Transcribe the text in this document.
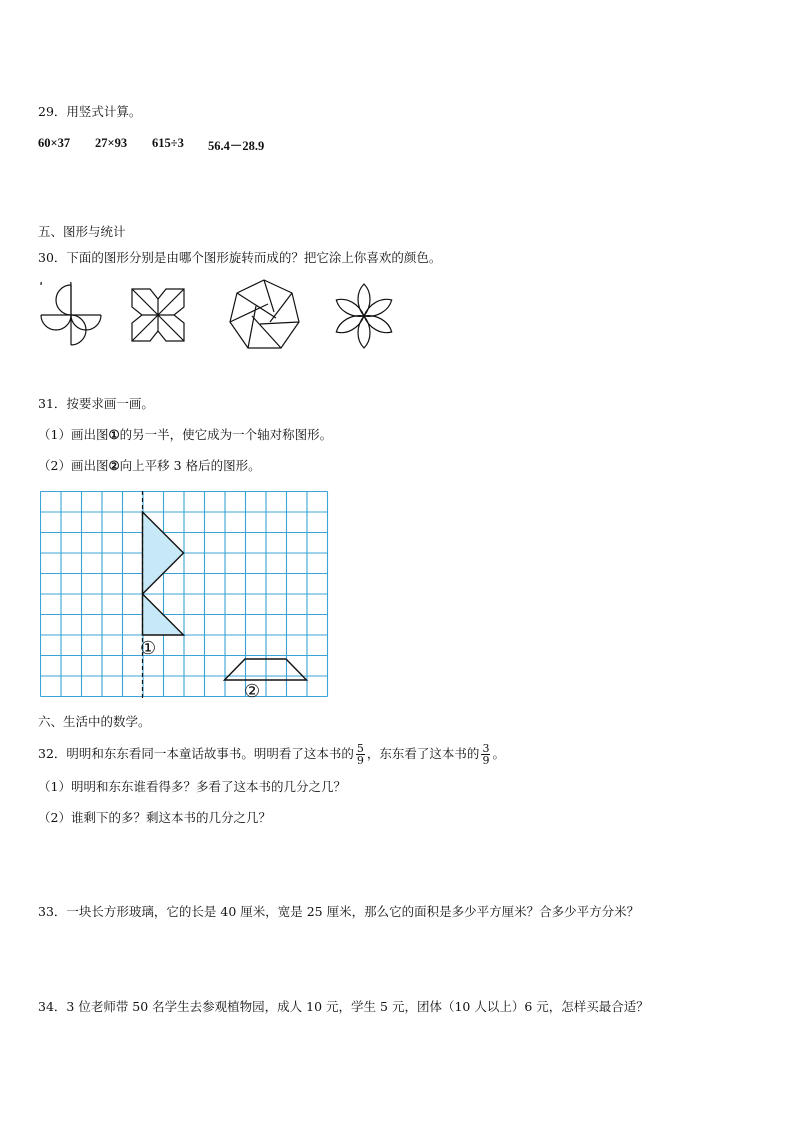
29．用竖式计算。
60×37 27×93 615÷3 56.4－28.9
五、图形与统计
30．下面的图形分别是由哪个图形旋转而成的？把它涂上你喜欢的颜色。
31．按要求画一画。
（1）画出图①的另一半，使它成为一个轴对称图形。
（2）画出图②向上平移 3 格后的图形。
①
②
六、生活中的数学。
32．明明和东东看同一本童话故事书。明明看了这本书的 $\frac{5}{9}$ ，东东看了这本书的 $\frac{3}{9}$ 。
（1）明明和东东谁看得多？多看了这本书的几分之几？
（2）谁剩下的多？剩这本书的几分之几？
33．一块长方形玻璃，它的长是 40 厘米，宽是 25 厘米，那么它的面积是多少平方厘米？合多少平方分米？
34．3 位老师带 50 名学生去参观植物园，成人 10 元，学生 5 元，团体（10 人以上）6 元，怎样买最合适？
